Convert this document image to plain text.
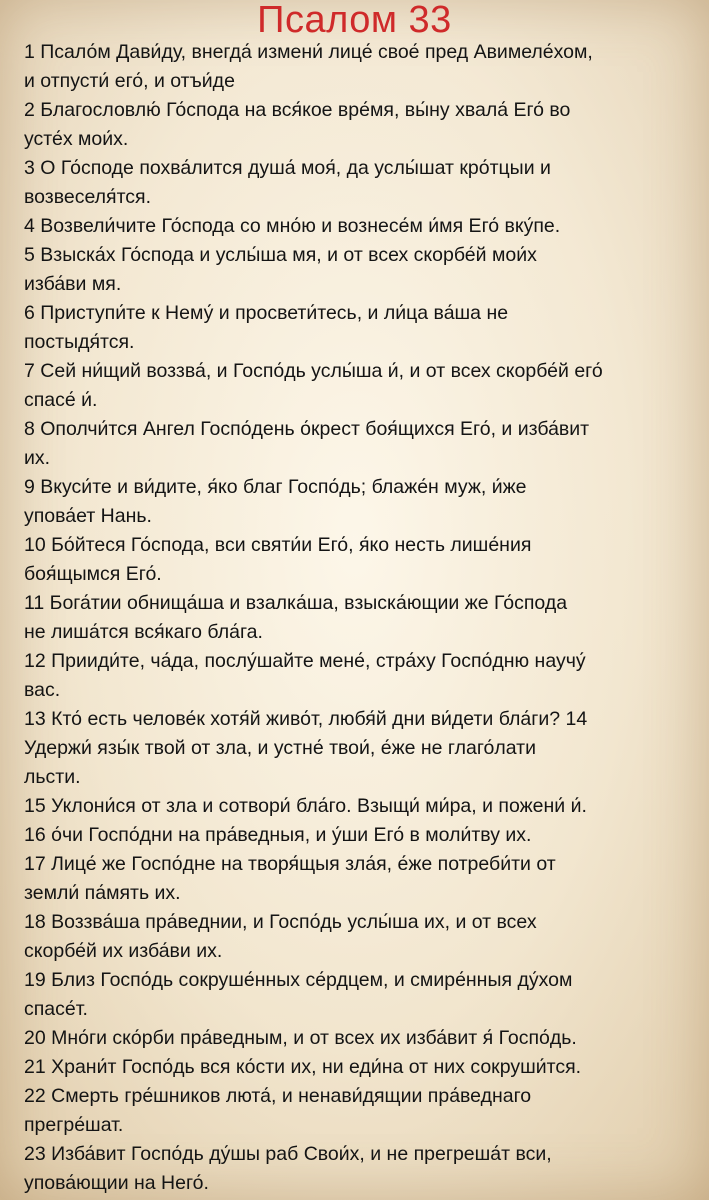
Псалом 33
1 Псало́м Дави́ду, внегда́ измени́ лице́ свое́ пред Авимеле́хом,
и отпусти́ его́, и отъи́де
2 Благословлю́ Го́спода на вся́кое вре́мя, вы́ну хвала́ Его́ во
усте́х мои́х.
3 О Го́споде похва́лится душа́ моя́, да услы́шат кро́тцыи и
возвеселя́тся.
4 Возвели́чите Го́спода со мно́ю и вознесе́м и́мя Его́ вку́пе.
5 Взыска́х Го́спода и услы́ша мя, и от всех скорбе́й мои́х
изба́ви мя.
6 Приступи́те к Нему́ и просвети́тесь, и ли́ца ва́ша не
постыдя́тся.
7 Сей ни́щий воззва́, и Госпо́дь услы́ша и́, и от всех скорбе́й его́
спасе́ и́.
8 Ополчи́тся Ангел Госпо́день о́крест боя́щихся Его́, и изба́вит
их.
9 Вкуси́те и ви́дите, я́ко благ Госпо́дь; блаже́н муж, и́же
упова́ет Нань.
10 Бо́йтеся Го́спода, вси святи́и Его́, я́ко несть лише́ния
боя́щымся Его́.
11 Бога́тии обнища́ша и взалка́ша, взыска́ющии же Го́спода
не лиша́тся вся́каго бла́га.
12 Прииди́те, ча́да, послу́шайте мене́, стра́ху Госпо́дню научу́
вас.
13 Кто́ есть челове́к хотя́й живо́т, любя́й дни ви́дети бла́ги? 14
Удержи́ язы́к твой от зла, и устне́ твои́, е́же не глаго́лати
льсти.
15 Уклони́ся от зла и сотвори́ бла́го. Взыщи́ ми́ра, и пожени́ и́.
16 о́чи Госпо́дни на пра́ведныя, и у́ши Его́ в моли́тву их.
17 Лице́ же Госпо́дне на творя́щыя зла́я, е́же потреби́ти от
земли́ па́мять их.
18 Воззва́ша пра́веднии, и Госпо́дь услы́ша их, и от всех
скорбе́й их изба́ви их.
19 Близ Госпо́дь сокруше́нных се́рдцем, и смире́нныя ду́хом
спасе́т.
20 Мно́ги ско́рби пра́ведным, и от всех их изба́вит я́ Госпо́дь.
21 Храни́т Госпо́дь вся ко́сти их, ни еди́на от них сокруши́тся.
22 Смерть гре́шников люта́, и ненави́дящии пра́веднаго
прегре́шат.
23 Изба́вит Госпо́дь ду́шы раб Свои́х, и не прегреша́т вси,
упова́ющии на Него́.
